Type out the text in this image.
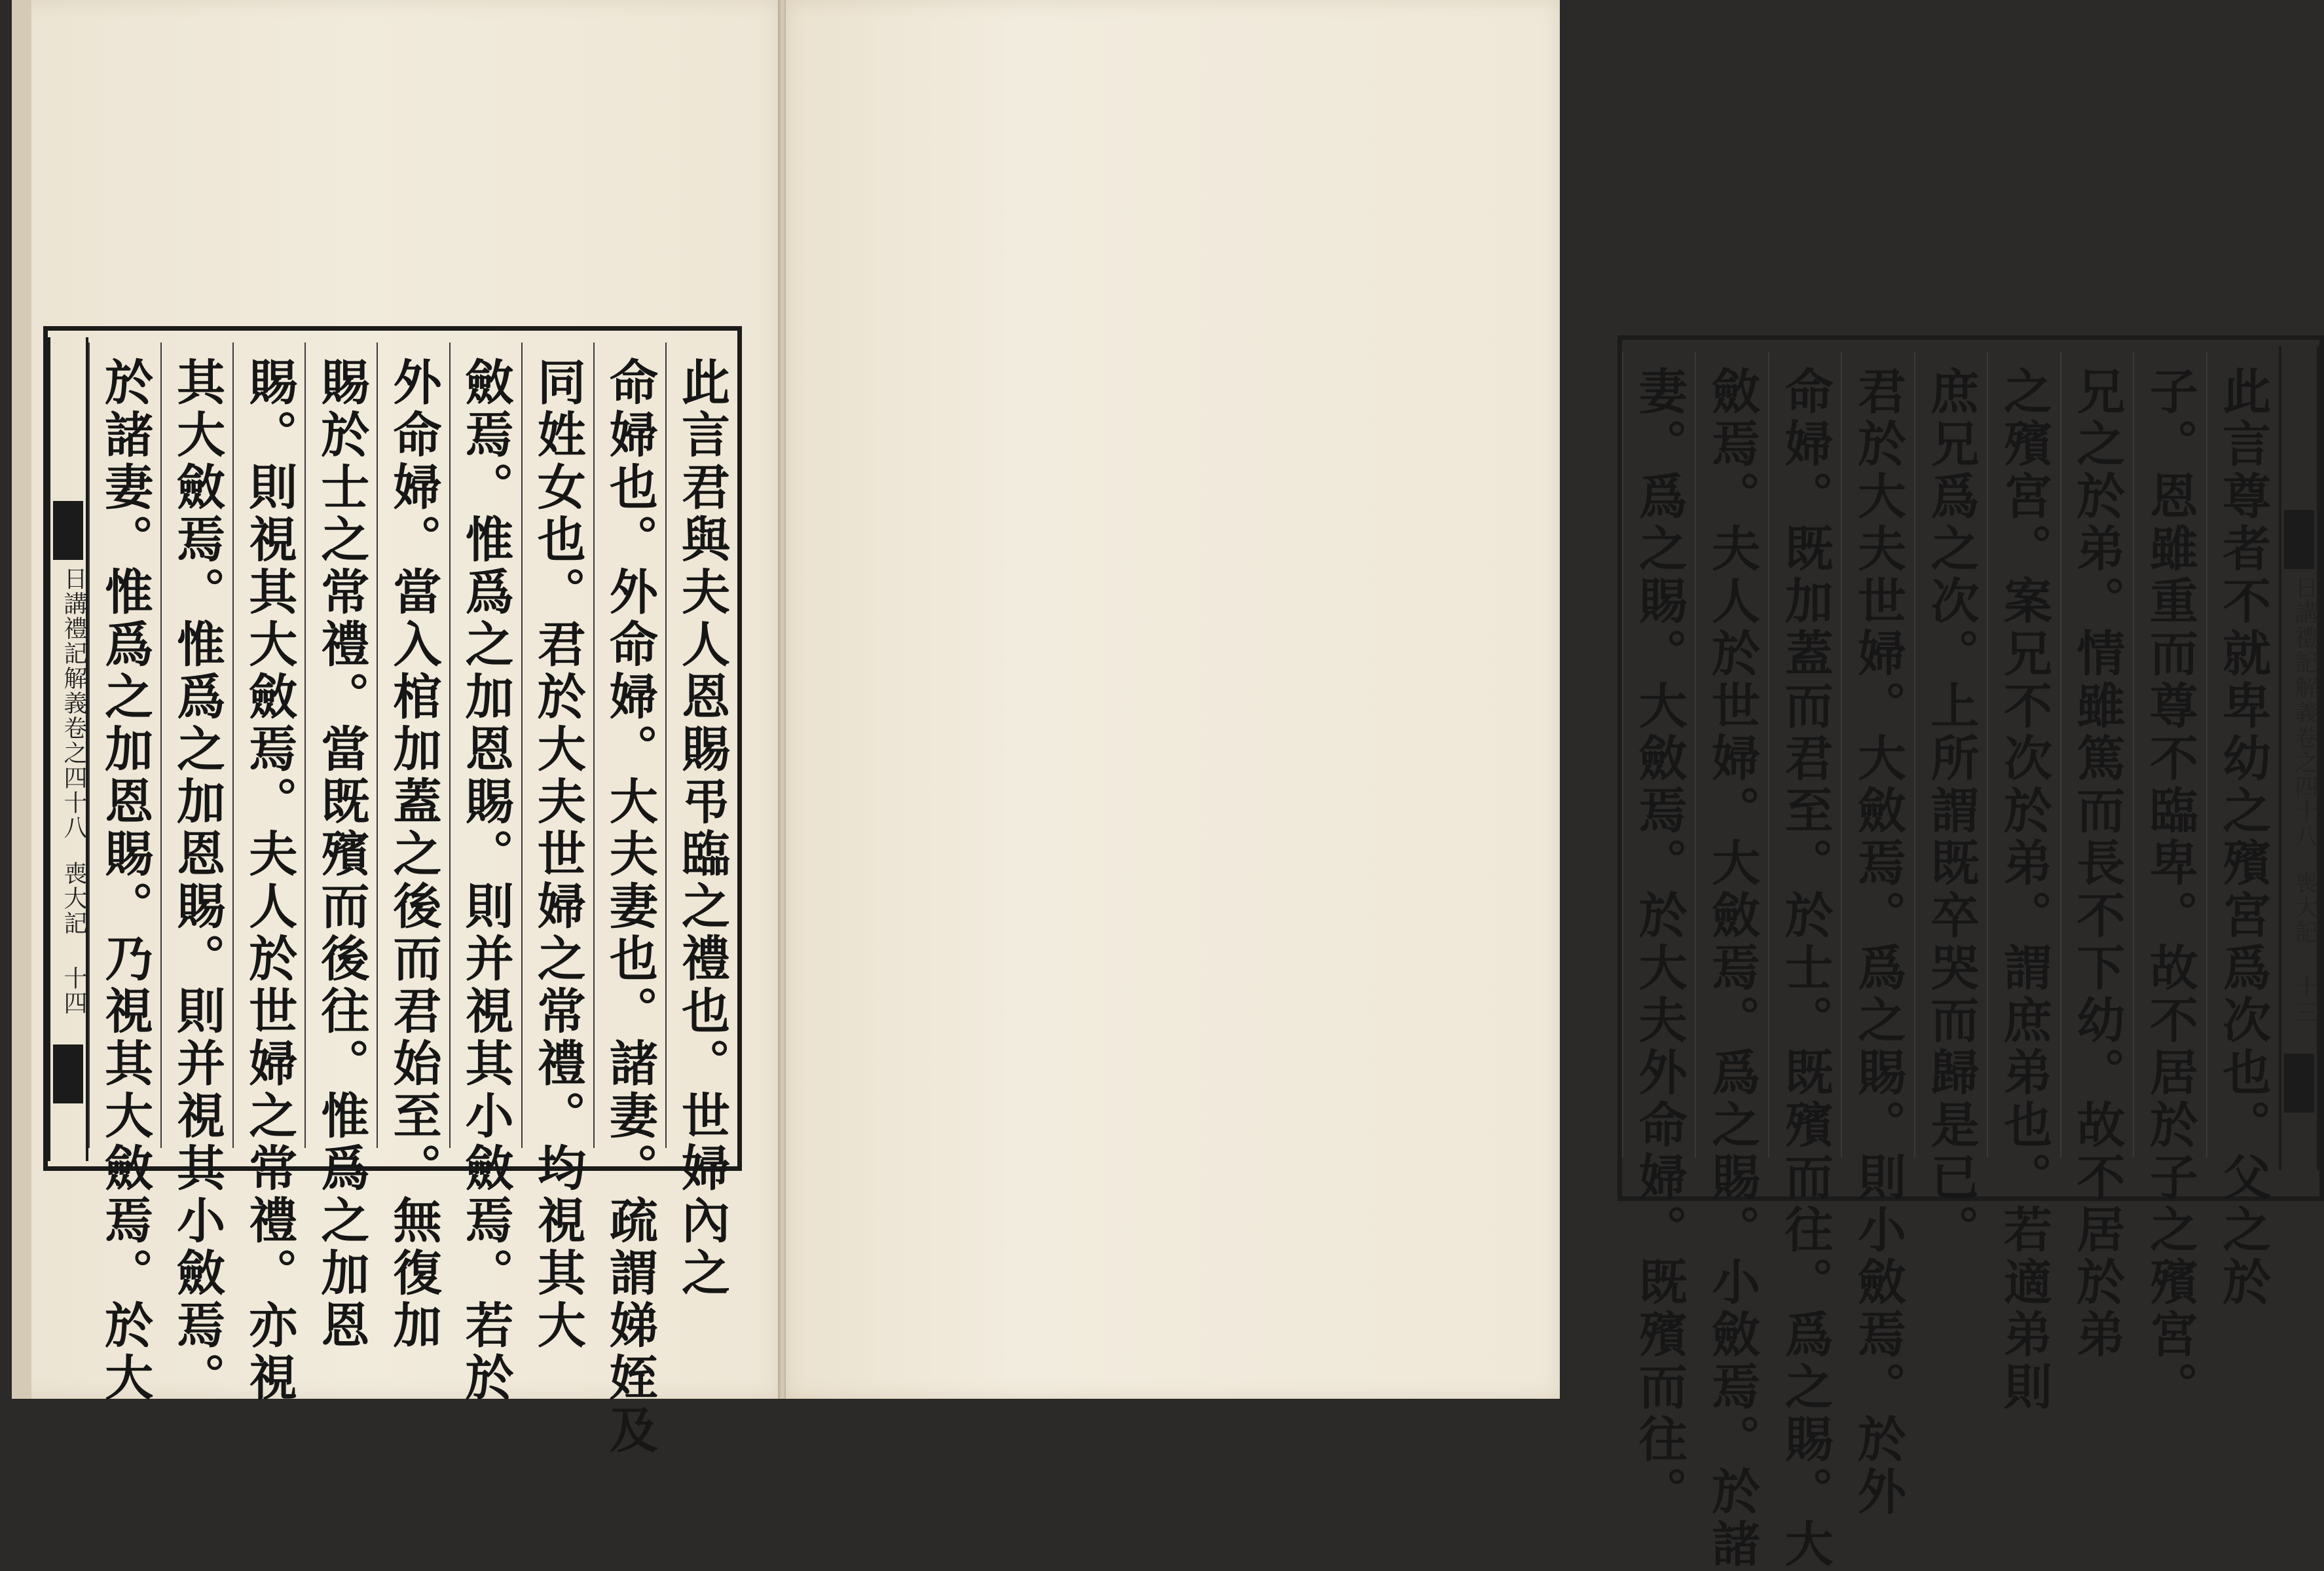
日講禮記解義卷之四十八
喪大記
十四	此言君與夫人恩賜弔臨之禮也。世婦內之
命婦也。外命婦。大夫妻也。諸妻。疏謂娣姪及
同姓女也。君於大夫世婦之常禮。均視其大
斂焉。惟爲之加恩賜。則并視其小斂焉。若於
外命婦。當入棺加蓋之後而君始至。無復加
賜於士之常禮。當既殯而後往。惟爲之加恩
賜。則視其大斂焉。夫人於世婦之常禮。亦視
其大斂焉。惟爲之加恩賜。則并視其小斂焉。
於諸妻。惟爲之加恩賜。乃視其大斂焉。於大	此言尊者不就卑幼之殯宮爲次也。父之於
子。恩雖重而尊不臨卑。故不居於子之殯宮。
兄之於弟。情雖篤而長不下幼。故不居於弟
之殯宮。案兄不次於弟。謂庶弟也。若適弟則
庶兄爲之次。上所謂既卒哭而歸是已。
君於大夫世婦。大斂焉。爲之賜。則小斂焉。於外
命婦。既加蓋而君至。於士。既殯而往。爲之賜。大
斂焉。夫人於世婦。大斂焉。爲之賜。小斂焉。於諸
妻。爲之賜。大斂焉。於大夫外命婦。既殯而往。	日講禮記解義卷之四十八
喪大記
十三
